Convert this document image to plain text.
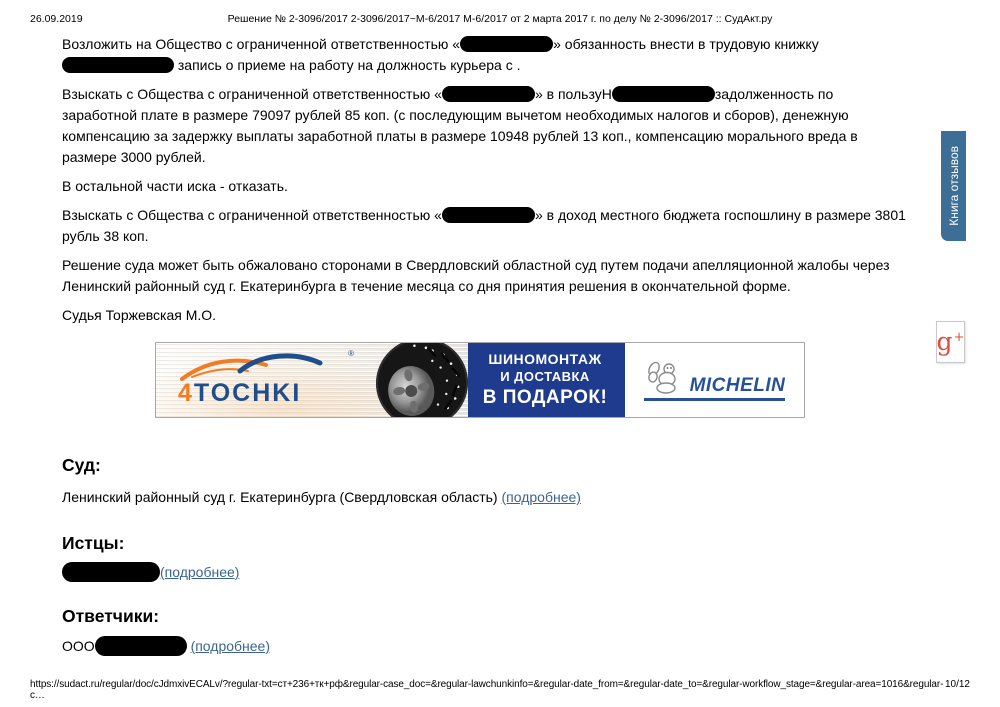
26.09.2019	Решение № 2-3096/2017 2-3096/2017~М-6/2017 М-6/2017 от 2 марта 2017 г. по делу № 2-3096/2017 :: СудАкт.ру

Возложить на Общество с ограниченной ответственностью «	» обязанность внести в трудовую книжку  запись о приеме на работу на должность курьера с .

Взыскать с Общества с ограниченной ответственностью «	» в пользуН	задолженность по заработной плате в размере 79097 рублей 85 коп. (с последующим вычетом необходимых налогов и сборов), денежную компенсацию за задержку выплаты заработной платы в размере 10948 рублей 13 коп., компенсацию морального вреда в размере 3000 рублей.

В остальной части иска - отказать.

Взыскать с Общества с ограниченной ответственностью «	» в доход местного бюджета госпошлину в размере 3801 рубль 38 коп.

Решение суда может быть обжаловано сторонами в Свердловский областной суд путем подачи апелляционной жалобы через Ленинский районный суд г. Екатеринбурга в течение месяца со дня принятия решения в окончательной форме.

Судья Торжевская М.О.

4TOCHKI
®	ШИНОМОНТАЖ
И ДОСТАВКА
В ПОДАРОК!
MICHELIN
Суд:
Ленинский районный суд г. Екатеринбурга (Свердловская область) (подробнее)
Истцы:
(подробнее)
Ответчики:
ООО	(подробнее)
Книга отзывов
g+
https://sudact.ru/regular/doc/cJdmxivECALv/?regular-txt=ст+236+тк+рф&regular-case_doc=&regular-lawchunkinfo=&regular-date_from=&regular-date_to=&regular-workflow_stage=&regular-area=1016&regular-c…
10/12
